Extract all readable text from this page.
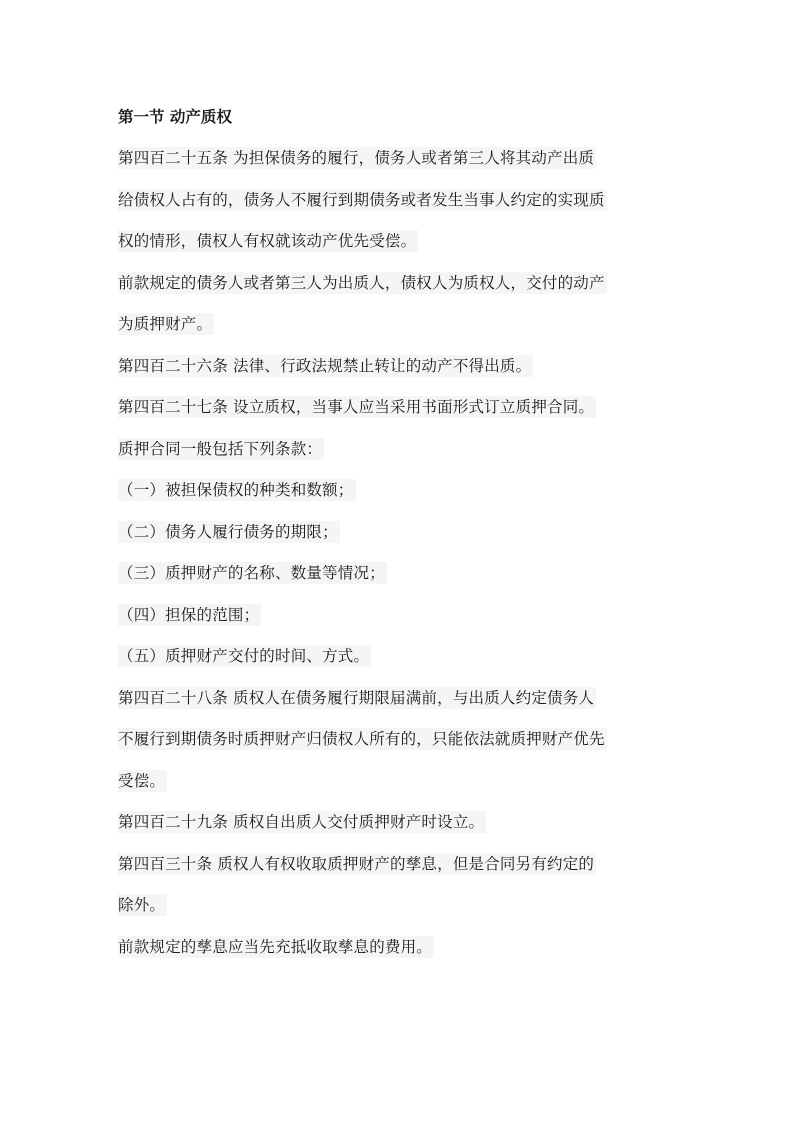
第一节 动产质权

第四百二十五条 为担保债务的履行，债务人或者第三人将其动产出质
给债权人占有的，债务人不履行到期债务或者发生当事人约定的实现质
权的情形，债权人有权就该动产优先受偿。

前款规定的债务人或者第三人为出质人，债权人为质权人，交付的动产
为质押财产。

第四百二十六条 法律、行政法规禁止转让的动产不得出质。

第四百二十七条 设立质权，当事人应当采用书面形式订立质押合同。

质押合同一般包括下列条款：

（一）被担保债权的种类和数额；

（二）债务人履行债务的期限；

（三）质押财产的名称、数量等情况；

（四）担保的范围；

（五）质押财产交付的时间、方式。

第四百二十八条 质权人在债务履行期限届满前，与出质人约定债务人
不履行到期债务时质押财产归债权人所有的，只能依法就质押财产优先
受偿。

第四百二十九条 质权自出质人交付质押财产时设立。

第四百三十条 质权人有权收取质押财产的孳息，但是合同另有约定的
除外。

前款规定的孳息应当先充抵收取孳息的费用。
